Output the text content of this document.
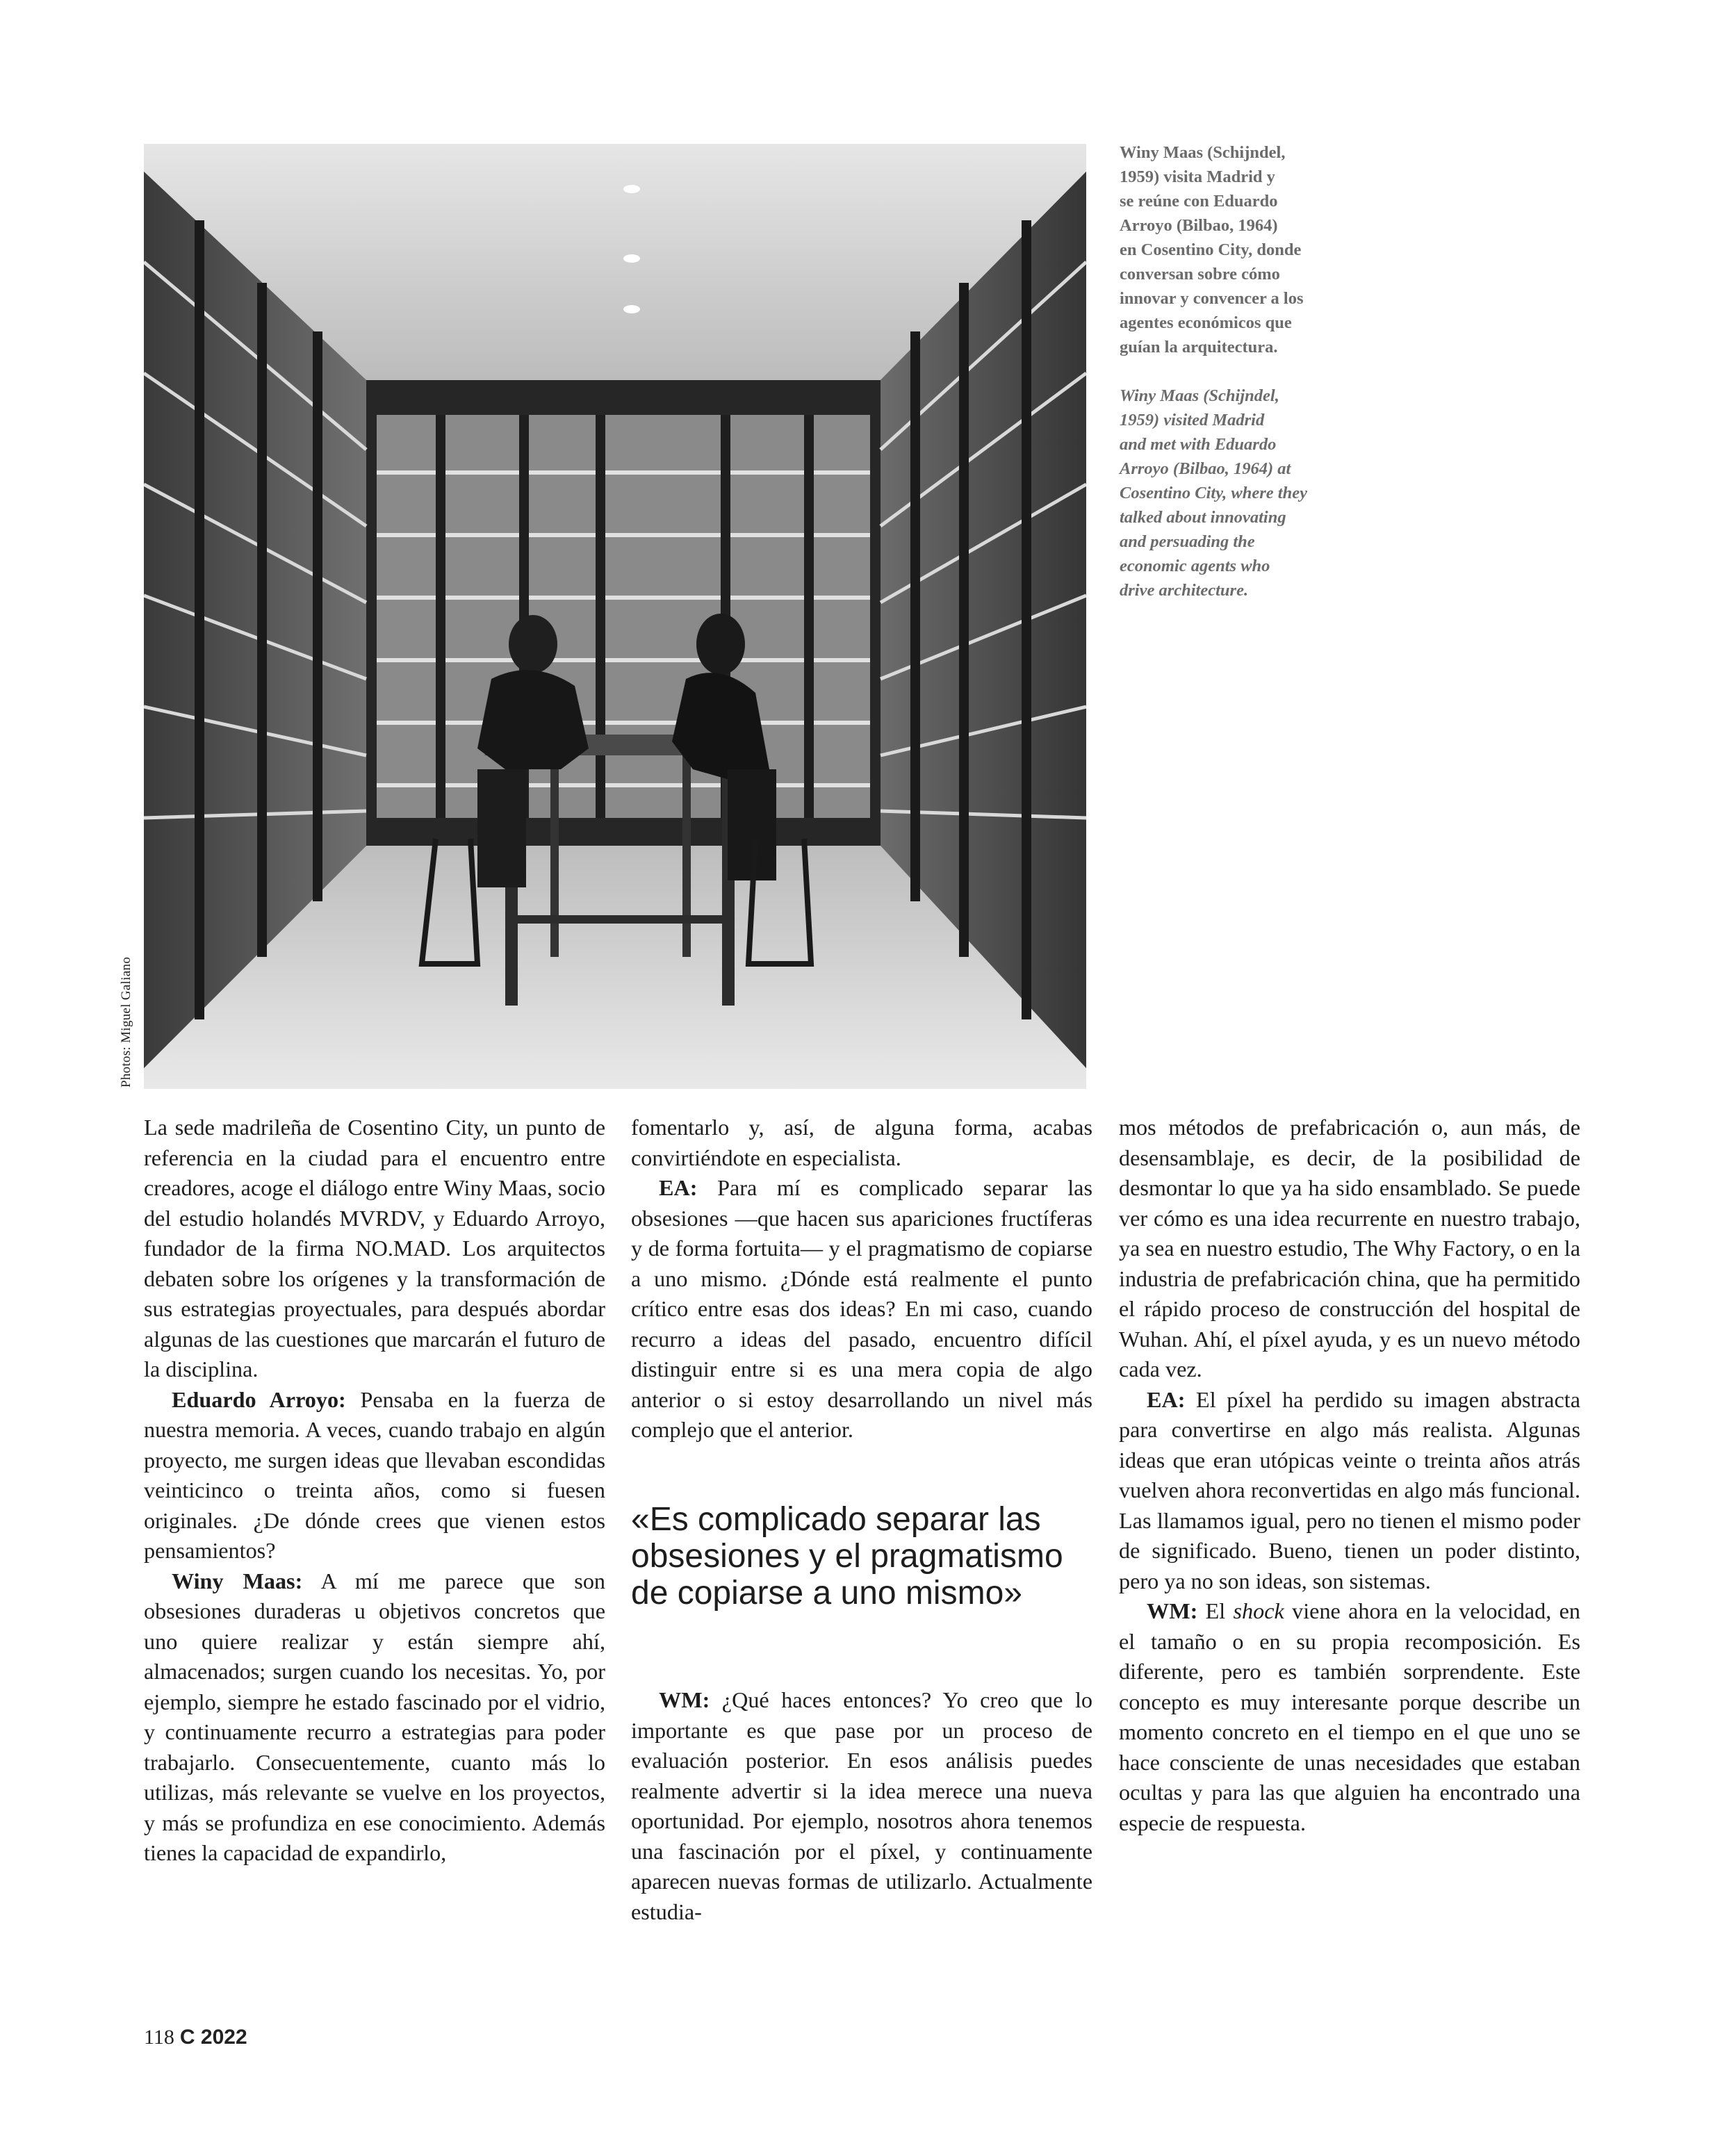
Photos: Miguel Galiano

Winy Maas (Schijndel,

1959) visita Madrid y

se reúne con Eduardo

Arroyo (Bilbao, 1964)

en Cosentino City, donde

conversan sobre cómo

innovar y convencer a los

agentes económicos que

guían la arquitectura.

Winy Maas (Schijndel,

1959) visited Madrid

and met with Eduardo

Arroyo (Bilbao, 1964) at

Cosentino City, where they

talked about innovating

and persuading the

economic agents who

drive architecture.

La sede madrileña de Cosentino City, un punto de referencia en la ciudad para el encuentro entre creadores, acoge el diálogo entre Winy Maas, socio del estudio holandés MVRDV, y Eduardo Arroyo, fundador de la firma NO.MAD. Los arquitectos debaten sobre los orígenes y la transformación de sus estrategias proyectuales, para después abordar algunas de las cuestiones que marcarán el futuro de la disciplina.

Eduardo Arroyo: Pensaba en la fuerza de nuestra memoria. A veces, cuando trabajo en algún proyecto, me surgen ideas que llevaban escondidas veinticinco o treinta años, como si fuesen originales. ¿De dónde crees que vienen estos pensamientos?

Winy Maas: A mí me parece que son obsesiones duraderas u objetivos concretos que uno quiere realizar y están siempre ahí, almacenados; surgen cuando los necesitas. Yo, por ejemplo, siempre he estado fascinado por el vidrio, y continuamente recurro a estrategias para poder trabajarlo. Consecuentemente, cuanto más lo utilizas, más relevante se vuelve en los proyectos, y más se profundiza en ese conocimiento. Además tienes la capacidad de expandirlo,

fomentarlo y, así, de alguna forma, acabas convirtiéndote en especialista.

EA: Para mí es complicado separar las obsesiones —que hacen sus apariciones fructíferas y de forma fortuita— y el pragmatismo de copiarse a uno mismo. ¿Dónde está realmente el punto crítico entre esas dos ideas? En mi caso, cuando recurro a ideas del pasado, encuentro difícil distinguir entre si es una mera copia de algo anterior o si estoy desarrollando un nivel más complejo que el anterior.

«Es complicado separar las obsesiones y el pragmatismo de copiarse a uno mismo»

WM: ¿Qué haces entonces? Yo creo que lo importante es que pase por un proceso de evaluación posterior. En esos análisis puedes realmente advertir si la idea merece una nueva oportunidad. Por ejemplo, nosotros ahora tenemos una fascinación por el píxel, y continuamente aparecen nuevas formas de utilizarlo. Actualmente estudia-

mos métodos de prefabricación o, aun más, de desensamblaje, es decir, de la posibilidad de desmontar lo que ya ha sido ensamblado. Se puede ver cómo es una idea recurrente en nuestro trabajo, ya sea en nuestro estudio, The Why Factory, o en la industria de prefabricación china, que ha permitido el rápido proceso de construcción del hospital de Wuhan. Ahí, el píxel ayuda, y es un nuevo método cada vez.

EA: El píxel ha perdido su imagen abstracta para convertirse en algo más realista. Algunas ideas que eran utópicas veinte o treinta años atrás vuelven ahora reconvertidas en algo más funcional. Las llamamos igual, pero no tienen el mismo poder de significado. Bueno, tienen un poder distinto, pero ya no son ideas, son sistemas.

WM: El shock viene ahora en la velocidad, en el tamaño o en su propia recomposición. Es diferente, pero es también sorprendente. Este concepto es muy interesante porque describe un momento concreto en el tiempo en el que uno se hace consciente de unas necesidades que estaban ocultas y para las que alguien ha encontrado una especie de respuesta.

118 C 2022
